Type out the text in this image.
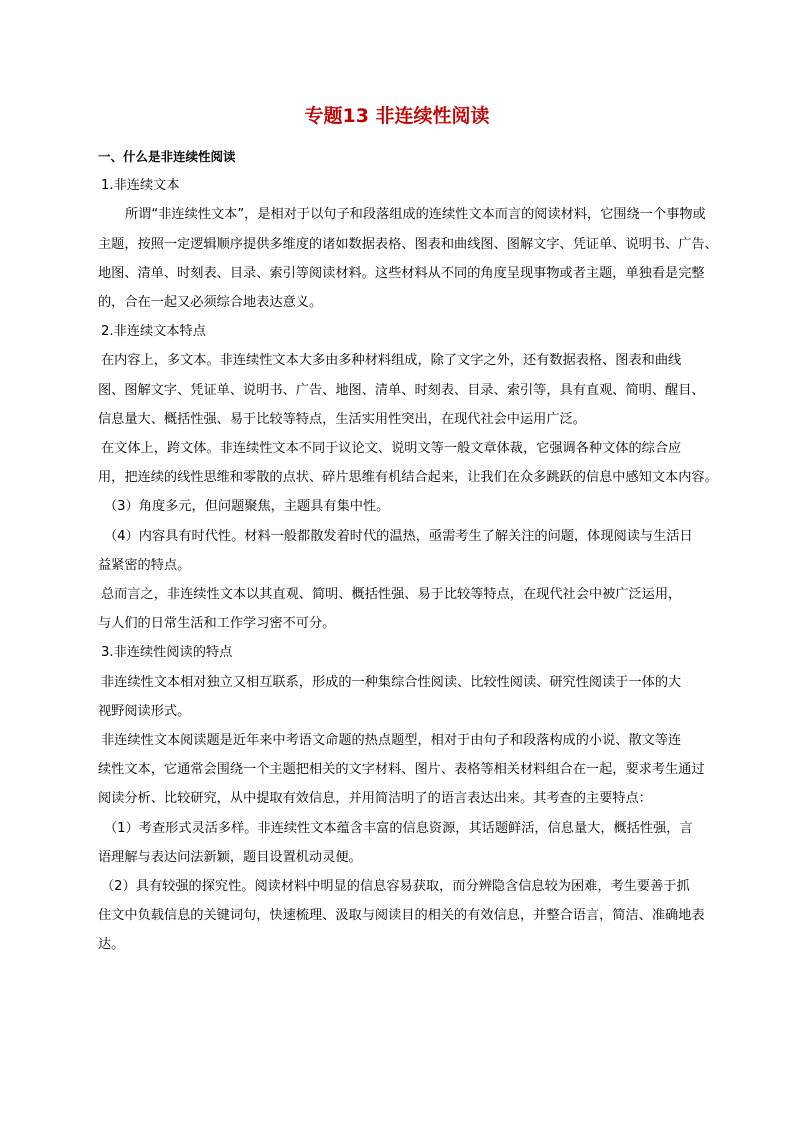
专题13 非连续性阅读

一、什么是非连续性阅读

1.非连续文本

所谓“非连续性文本”，是相对于以句子和段落组成的连续性文本而言的阅读材料，它围绕一个事物或

主题，按照一定逻辑顺序提供多维度的诸如数据表格、图表和曲线图、图解文字、凭证单、说明书、广告、

地图、清单、时刻表、目录、索引等阅读材料。这些材料从不同的角度呈现事物或者主题，单独看是完整

的，合在一起又必须综合地表达意义。

2.非连续文本特点

在内容上，多文本。非连续性文本大多由多种材料组成，除了文字之外，还有数据表格、图表和曲线

图、图解文字、凭证单、说明书、广告、地图、清单、时刻表、目录、索引等，具有直观、简明、醒目、

信息量大、概括性强、易于比较等特点，生活实用性突出，在现代社会中运用广泛。

在文体上，跨文体。非连续性文本不同于议论文、说明文等一般文章体裁，它强调各种文体的综合应

用，把连续的线性思维和零散的点状、碎片思维有机结合起来，让我们在众多跳跃的信息中感知文本内容。

（3）角度多元，但问题聚焦，主题具有集中性。

（4）内容具有时代性。材料一般都散发着时代的温热，亟需考生了解关注的问题，体现阅读与生活日

益紧密的特点。

总而言之，非连续性文本以其直观、简明、概括性强、易于比较等特点，在现代社会中被广泛运用，

与人们的日常生活和工作学习密不可分。

3.非连续性阅读的特点

非连续性文本相对独立又相互联系，形成的一种集综合性阅读、比较性阅读、研究性阅读于一体的大

视野阅读形式。

非连续性文本阅读题是近年来中考语文命题的热点题型，相对于由句子和段落构成的小说、散文等连

续性文本，它通常会围绕一个主题把相关的文字材料、图片、表格等相关材料组合在一起，要求考生通过

阅读分析、比较研究，从中提取有效信息，并用简洁明了的语言表达出来。其考查的主要特点：

（1）考查形式灵活多样。非连续性文本蕴含丰富的信息资源，其话题鲜活，信息量大，概括性强，言

语理解与表达问法新颖，题目设置机动灵便。

（2）具有较强的探究性。阅读材料中明显的信息容易获取，而分辨隐含信息较为困难，考生要善于抓

住文中负载信息的关键词句，快速梳理、汲取与阅读目的相关的有效信息，并整合语言，简洁、准确地表

达。
